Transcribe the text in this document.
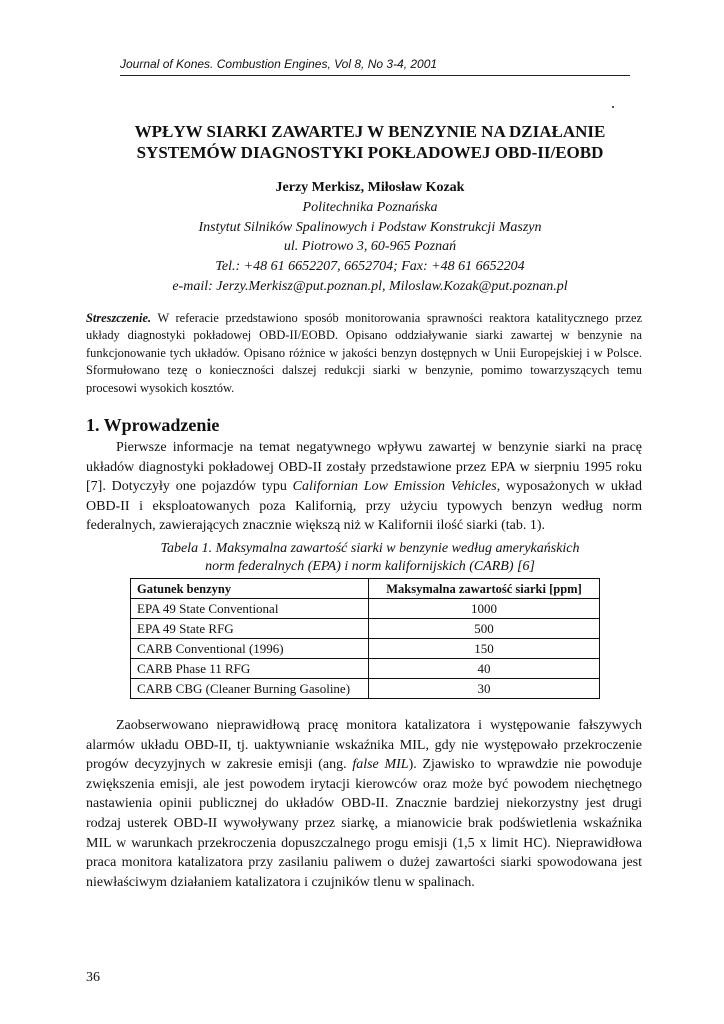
Journal of Kones. Combustion Engines, Vol 8, No 3-4, 2001
WPŁYW SIARKI ZAWARTEJ W BENZYNIE NA DZIAŁANIE
SYSTEMÓW DIAGNOSTYKI POKŁADOWEJ OBD-II/EOBD
Jerzy Merkisz, Miłosław Kozak
Politechnika Poznańska
Instytut Silników Spalinowych i Podstaw Konstrukcji Maszyn
ul. Piotrowo 3, 60-965 Poznań
Tel.: +48 61 6652207, 6652704; Fax: +48 61 6652204
e-mail: Jerzy.Merkisz@put.poznan.pl, Miloslaw.Kozak@put.poznan.pl
Streszczenie. W referacie przedstawiono sposób monitorowania sprawności reaktora katalitycznego przez układy diagnostyki pokładowej OBD-II/EOBD. Opisano oddziaływanie siarki zawartej w benzynie na funkcjonowanie tych układów. Opisano różnice w jakości benzyn dostępnych w Unii Europejskiej i w Polsce. Sformułowano tezę o konieczności dalszej redukcji siarki w benzynie, pomimo towarzyszących temu procesowi wysokich kosztów.
1. Wprowadzenie
Pierwsze informacje na temat negatywnego wpływu zawartej w benzynie siarki na pracę układów diagnostyki pokładowej OBD-II zostały przedstawione przez EPA w sierpniu 1995 roku [7]. Dotyczyły one pojazdów typu Californian Low Emission Vehicles, wyposażonych w układ OBD-II i eksploatowanych poza Kalifornią, przy użyciu typowych benzyn według norm federalnych, zawierających znacznie większą niż w Kalifornii ilość siarki (tab. 1).
Tabela 1. Maksymalna zawartość siarki w benzynie według amerykańskich
norm federalnych (EPA) i norm kalifornijskich (CARB) [6]
Gatunek benzyny	Maksymalna zawartość siarki [ppm]
EPA 49 State Conventional	1000
EPA 49 State RFG	500
CARB Conventional (1996)	150
CARB Phase 11 RFG	40
CARB CBG (Cleaner Burning Gasoline)	30
Zaobserwowano nieprawidłową pracę monitora katalizatora i występowanie fałszywych alarmów układu OBD-II, tj. uaktywnianie wskaźnika MIL, gdy nie występowało przekroczenie progów decyzyjnych w zakresie emisji (ang. false MIL). Zjawisko to wprawdzie nie powoduje zwiększenia emisji, ale jest powodem irytacji kierowców oraz może być powodem niechętnego nastawienia opinii publicznej do układów OBD-II. Znacznie bardziej niekorzystny jest drugi rodzaj usterek OBD-II wywoływany przez siarkę, a mianowicie brak podświetlenia wskaźnika MIL w warunkach przekroczenia dopuszczalnego progu emisji (1,5 x limit HC). Nieprawidłowa praca monitora katalizatora przy zasilaniu paliwem o dużej zawartości siarki spowodowana jest niewłaściwym działaniem katalizatora i czujników tlenu w spalinach.
36
